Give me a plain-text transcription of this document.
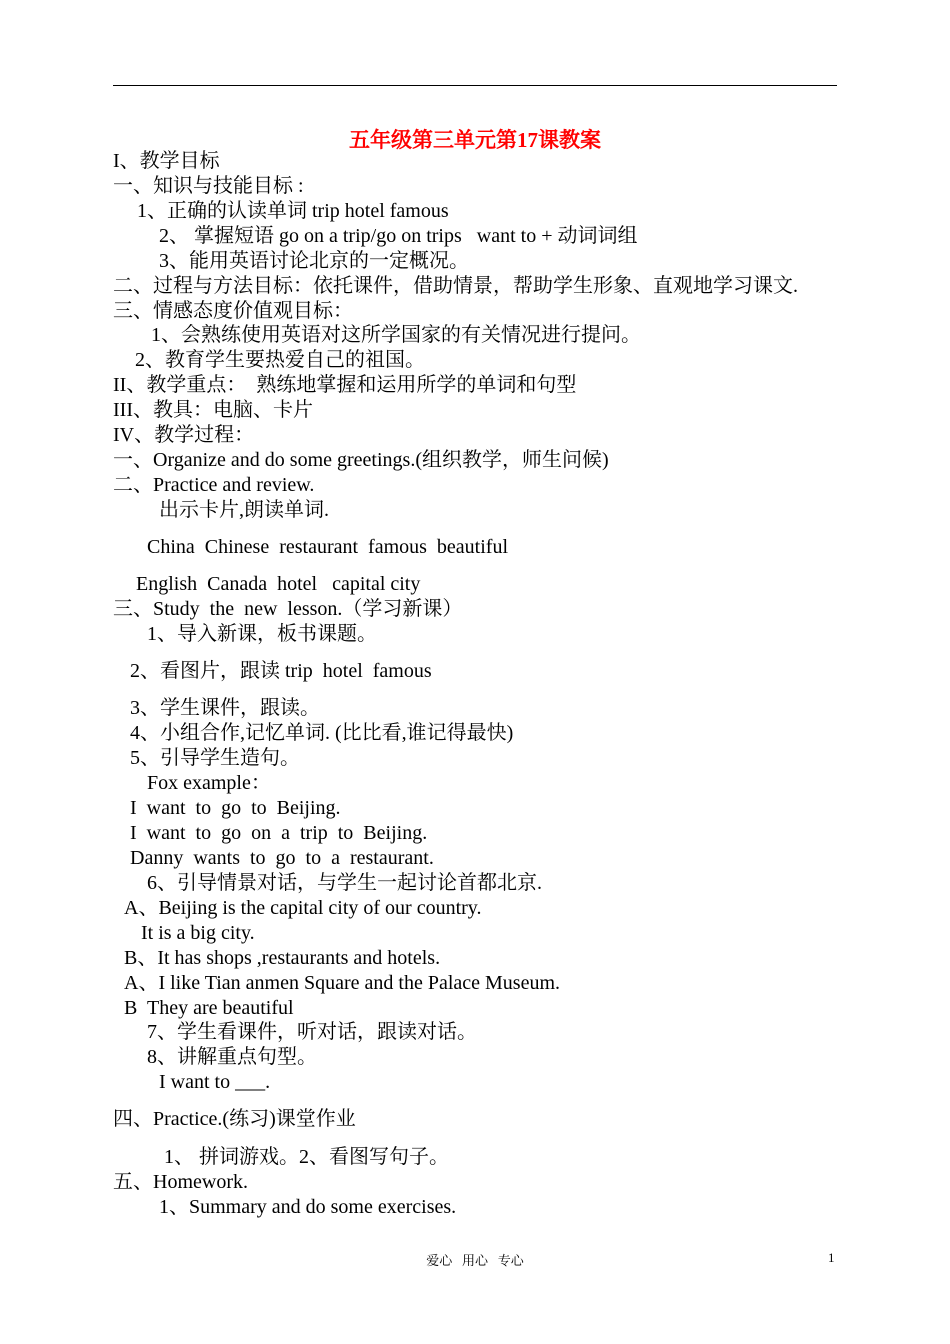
五年级第三单元第17课教案
I、教学目标
一、知识与技能目标 :
1、正确的认读单词 trip hotel famous
2、 掌握短语 go on a trip/go on trips   want to + 动词词组
3、能用英语讨论北京的一定概况。
二、过程与方法目标：依托课件，借助情景，帮助学生形象、直观地学习课文.
三、情感态度价值观目标：
1、会熟练使用英语对这所学国家的有关情况进行提问。
2、教育学生要热爱自己的祖国。
II、教学重点：  熟练地掌握和运用所学的单词和句型
III、教具：电脑、卡片
IV、教学过程：
一、Organize and do some greetings.(组织教学，师生问候)
二、Practice and review.
出示卡片,朗读单词.
China  Chinese  restaurant  famous  beautiful
English  Canada  hotel   capital city
三、Study  the  new  lesson.（学习新课）
1、导入新课，板书课题。
2、看图片，跟读 trip  hotel  famous
3、学生课件，跟读。
4、小组合作,记忆单词. (比比看,谁记得最快)
5、引导学生造句。
Fox example：
I  want  to  go  to  Beijing.
I  want  to  go  on  a  trip  to  Beijing.
Danny  wants  to  go  to  a  restaurant.
6、引导情景对话，与学生一起讨论首都北京.
A、Beijing is the capital city of our country.
It is a big city.
B、It has shops ,restaurants and hotels.
A、I like Tian anmen Square and the Palace Museum.
B  They are beautiful
7、学生看课件，听对话，跟读对话。
8、讲解重点句型。
I want to ___.
四、Practice.(练习)课堂作业
1、 拼词游戏。2、看图写句子。
五、Homework.
1、Summary and do some exercises.
爱心   用心   专心	1
